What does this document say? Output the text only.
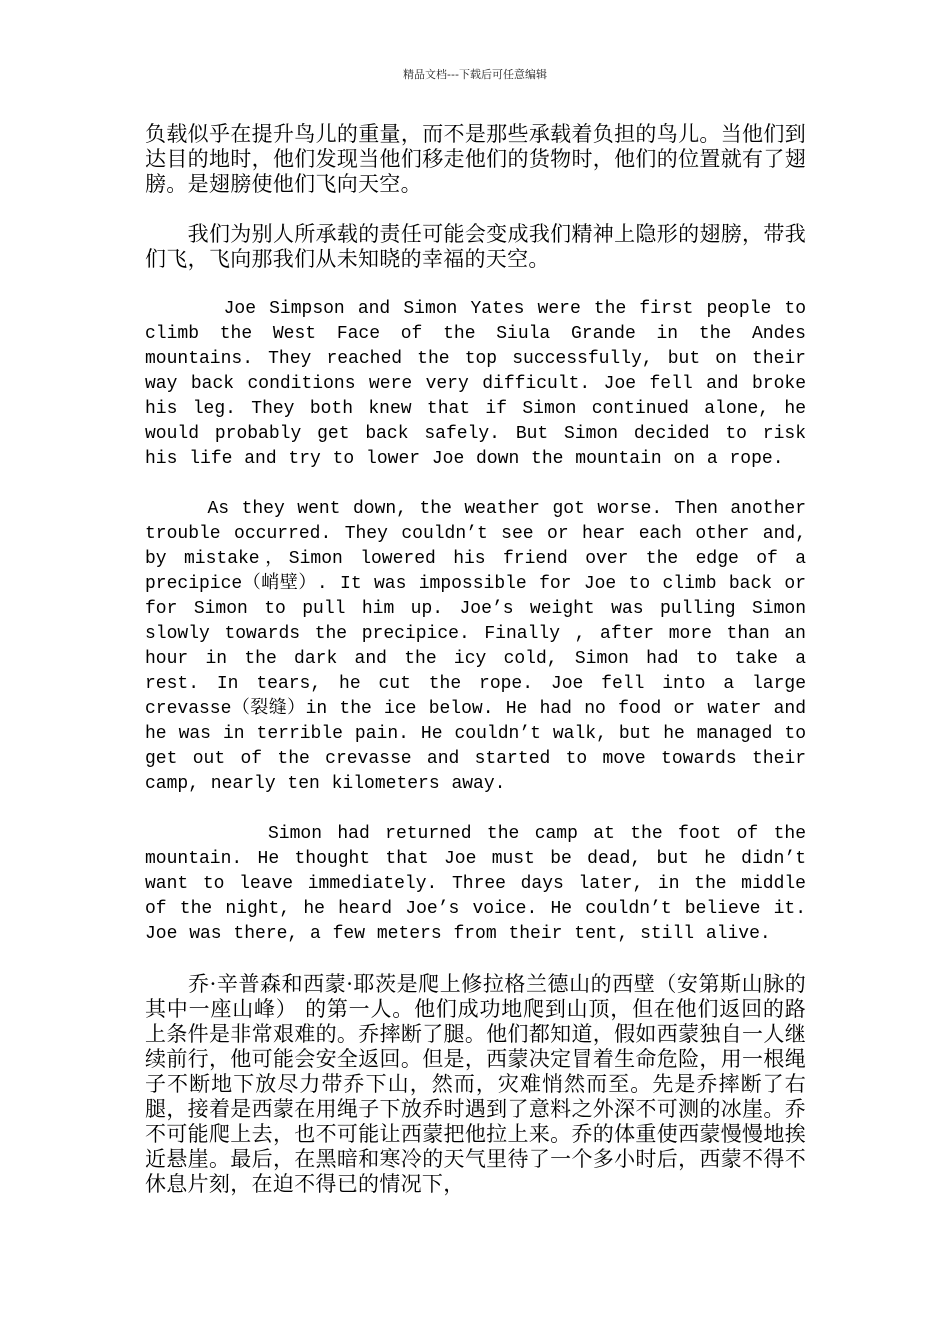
精品文档---下载后可任意编辑

负载似乎在提升鸟儿的重量，而不是那些承载着负担的鸟儿。当他们到达目的地时，他们发现当他们移走他们的货物时，他们的位置就有了翅膀。是翅膀使他们飞向天空。

　　我们为别人所承载的责任可能会变成我们精神上隐形的翅膀，带我们飞，飞向那我们从未知晓的幸福的天空。

Joe Simpson and Simon Yates were the first people to climb the West Face of the Siula Grande in the Andes mountains. They reached the top successfully, but on their way back conditions were very difficult. Joe fell and broke his leg. They both knew that if Simon continued alone, he would probably get back safely. But Simon decided to risk his life and try to lower Joe down the mountain on a rope.

As they went down, the weather got worse. Then another trouble occurred. They couldn’t see or hear each other and, by mistake，Simon lowered his friend over the edge of a precipice（峭壁）. It was impossible for Joe to climb back or for Simon to pull him up. Joe’s weight was pulling Simon slowly towards the precipice. Finally , after more than an hour in the dark and the icy cold, Simon had to take a rest. In tears, he cut the rope. Joe fell into a large crevasse（裂缝）in the ice below. He had no food or water and he was in terrible pain. He couldn’t walk, but he managed to get out of the crevasse and started to move towards their camp, nearly ten kilometers away.

Simon had returned the camp at the foot of the mountain. He thought that Joe must be dead, but he didn’t want to leave immediately. Three days later, in the middle of the night, he heard Joe’s voice. He couldn’t believe it. Joe was there, a few meters from their tent, still alive.

　　乔·辛普森和西蒙·耶茨是爬上修拉格兰德山的西壁（安第斯山脉的其中一座山峰） 的第一人。他们成功地爬到山顶，但在他们返回的路上条件是非常艰难的。乔摔断了腿。他们都知道，假如西蒙独自一人继续前行，他可能会安全返回。但是，西蒙决定冒着生命危险，用一根绳子不断地下放尽力带乔下山，然而，灾难悄然而至。先是乔摔断了右腿，接着是西蒙在用绳子下放乔时遇到了意料之外深不可测的冰崖。乔不可能爬上去，也不可能让西蒙把他拉上来。乔的体重使西蒙慢慢地挨近悬崖。最后，在黑暗和寒冷的天气里待了一个多小时后，西蒙不得不休息片刻，在迫不得已的情况下，
